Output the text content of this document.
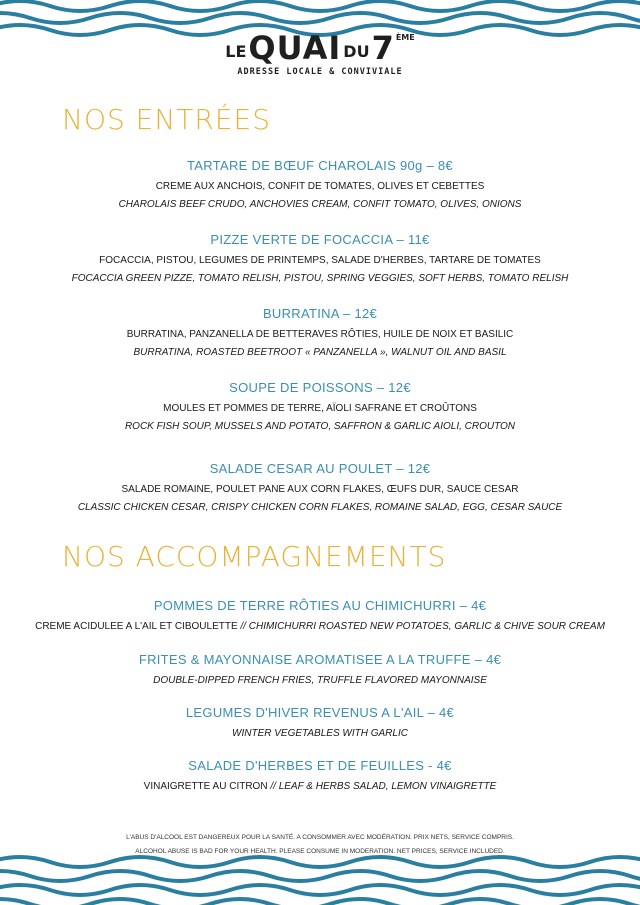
LE QUAI DU 7 ÈME
ADRESSE LOCALE & CONVIVIALE
NOS ENTRÉES
TARTARE DE BŒUF CHAROLAIS 90g – 8€
CREME AUX ANCHOIS, CONFIT DE TOMATES, OLIVES ET CEBETTES
CHAROLAIS BEEF CRUDO, ANCHOVIES CREAM, CONFIT TOMATO, OLIVES, ONIONS
PIZZE VERTE DE FOCACCIA – 11€
FOCACCIA, PISTOU, LEGUMES DE PRINTEMPS, SALADE D'HERBES, TARTARE DE TOMATES
FOCACCIA GREEN PIZZE, TOMATO RELISH, PISTOU, SPRING VEGGIES, SOFT HERBS, TOMATO RELISH
BURRATINA – 12€
BURRATINA, PANZANELLA DE BETTERAVES RÔTIES, HUILE DE NOIX ET BASILIC
BURRATINA, ROASTED BEETROOT « PANZANELLA », WALNUT OIL AND BASIL
SOUPE DE POISSONS – 12€
MOULES ET POMMES DE TERRE, AÏOLI SAFRANE ET CROÛTONS
ROCK FISH SOUP, MUSSELS AND POTATO, SAFFRON & GARLIC AIOLI, CROUTON
SALADE CESAR AU POULET – 12€
SALADE ROMAINE, POULET PANE AUX CORN FLAKES, ŒUFS DUR, SAUCE CESAR
CLASSIC CHICKEN CESAR, CRISPY CHICKEN CORN FLAKES, ROMAINE SALAD, EGG, CESAR SAUCE
NOS ACCOMPAGNEMENTS
POMMES DE TERRE RÔTIES AU CHIMICHURRI – 4€
CREME ACIDULEE A L'AIL ET CIBOULETTE // CHIMICHURRI ROASTED NEW POTATOES, GARLIC & CHIVE SOUR CREAM
FRITES & MAYONNAISE AROMATISEE A LA TRUFFE – 4€
DOUBLE-DIPPED FRENCH FRIES, TRUFFLE FLAVORED MAYONNAISE
LEGUMES D'HIVER REVENUS A L'AIL – 4€
WINTER VEGETABLES WITH GARLIC
SALADE D'HERBES ET DE FEUILLES - 4€
VINAIGRETTE AU CITRON // LEAF & HERBS SALAD, LEMON VINAIGRETTE
L'ABUS D'ALCOOL EST DANGEREUX POUR LA SANTÉ. A CONSOMMER AVEC MODÉRATION. PRIX NETS, SERVICE COMPRIS.
ALCOHOL ABUSE IS BAD FOR YOUR HEALTH. PLEASE CONSUME IN MODERATION. NET PRICES, SERVICE INCLUDED.
